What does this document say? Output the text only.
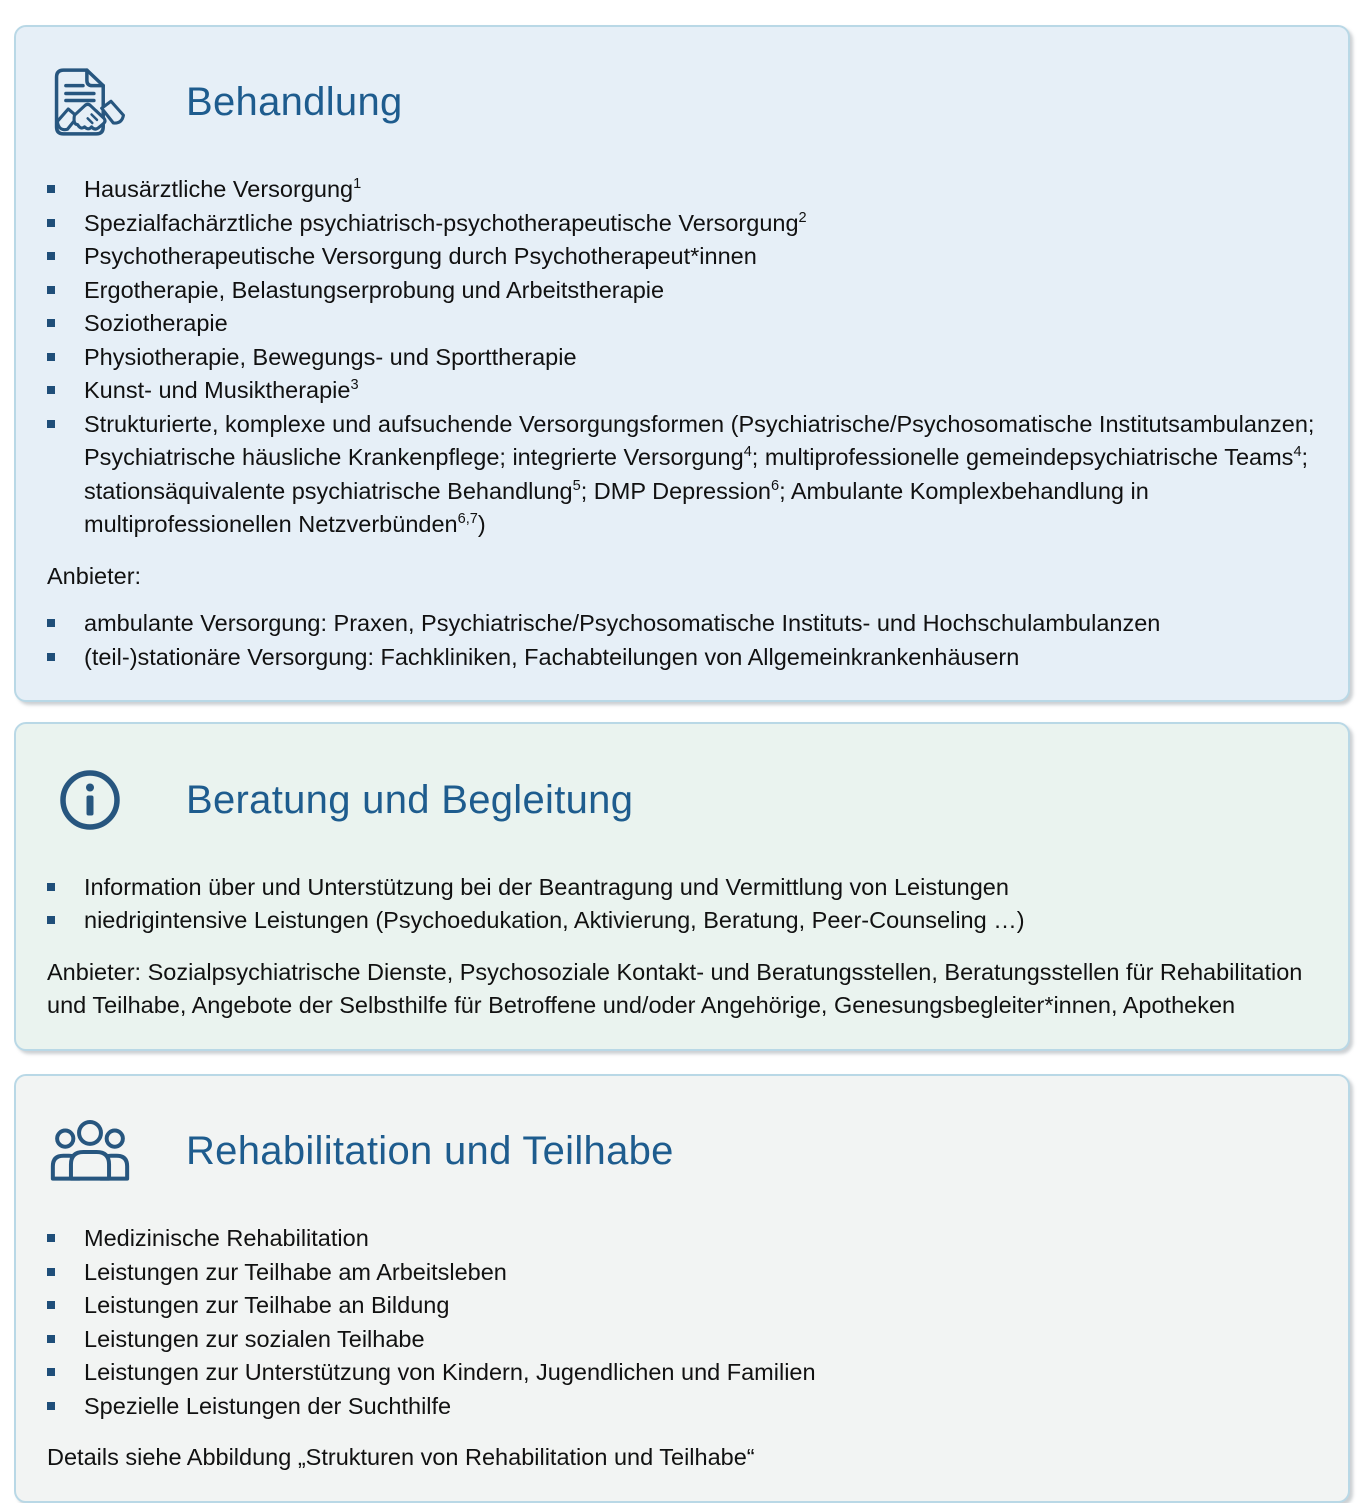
Behandlung
Hausärztliche Versorgung$^1$
Spezialfachärztliche psychiatrisch-psychotherapeutische Versorgung$^2$
Psychotherapeutische Versorgung durch Psychotherapeut*innen
Ergotherapie, Belastungserprobung und Arbeitstherapie
Soziotherapie
Physiotherapie, Bewegungs- und Sporttherapie
Kunst- und Musiktherapie$^3$
Strukturierte, komplexe und aufsuchende Versorgungsformen (Psychiatrische/Psychosomatische Institutsambulanzen; Psychiatrische häusliche Krankenpflege; integrierte Versorgung$^4$; multiprofessionelle gemeindepsychiatrische Teams$^4$; stationsäquivalente psychiatrische Behandlung$^5$; DMP Depression$^6$; Ambulante Komplexbehandlung in multiprofessionellen Netzverbünden$^{6,7}$)

Anbieter:

ambulante Versorgung: Praxen, Psychiatrische/Psychosomatische Instituts- und Hochschulambulanzen
(teil-)stationäre Versorgung: Fachkliniken, Fachabteilungen von Allgemeinkrankenhäusern
Beratung und Begleitung
Information über und Unterstützung bei der Beantragung und Vermittlung von Leistungen
niedrigintensive Leistungen (Psychoedukation, Aktivierung, Beratung, Peer-Counseling …)

Anbieter: Sozialpsychiatrische Dienste, Psychosoziale Kontakt- und Beratungsstellen, Beratungsstellen für Rehabilitation und Teilhabe, Angebote der Selbsthilfe für Betroffene und/oder Angehörige, Genesungsbegleiter*innen, Apotheken

Rehabilitation und Teilhabe
Medizinische Rehabilitation
Leistungen zur Teilhabe am Arbeitsleben
Leistungen zur Teilhabe an Bildung
Leistungen zur sozialen Teilhabe
Leistungen zur Unterstützung von Kindern, Jugendlichen und Familien
Spezielle Leistungen der Suchthilfe

Details siehe Abbildung „Strukturen von Rehabilitation und Teilhabe“
